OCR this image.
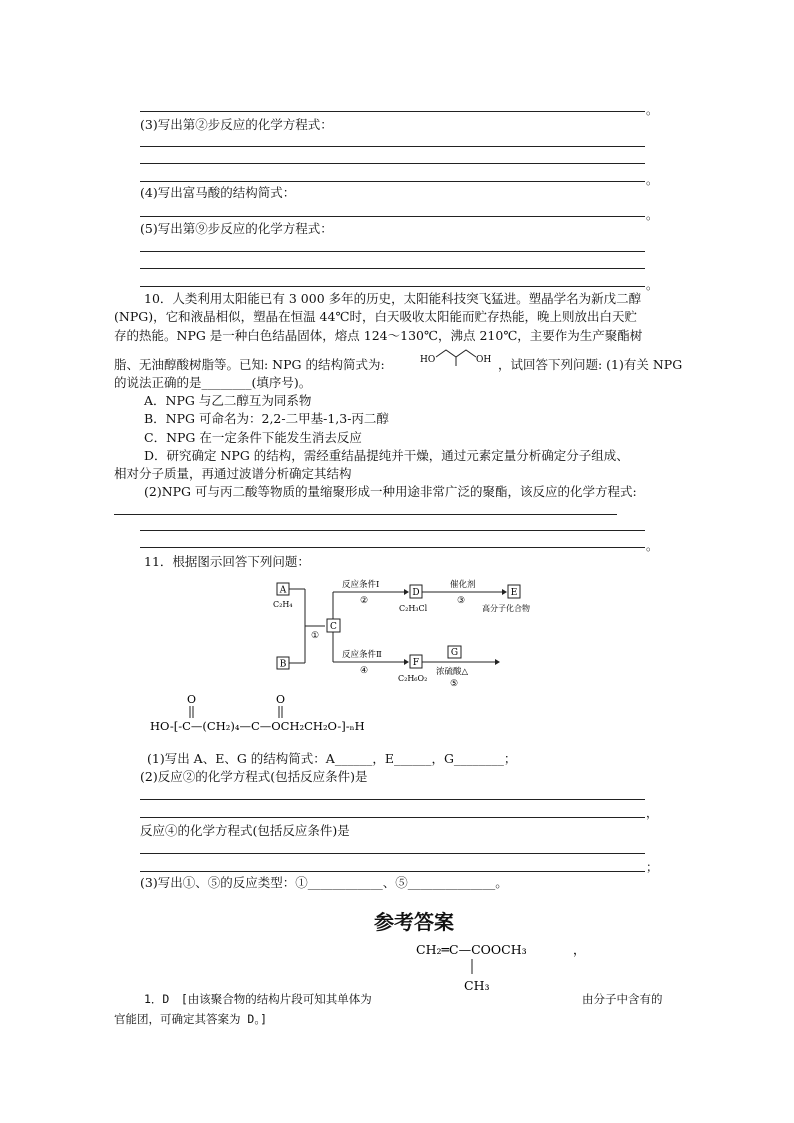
。
(3)写出第②步反应的化学方程式：
。
(4)写出富马酸的结构简式：
。
(5)写出第⑨步反应的化学方程式：
。
10．人类利用太阳能已有 3 000 多年的历史，太阳能科技突飞猛进。塑晶学名为新戊二醇
(NPG)，它和液晶相似，塑晶在恒温 44℃时，白天吸收太阳能而贮存热能，晚上则放出白天贮
存的热能。NPG 是一种白色结晶固体，熔点 124～130℃，沸点 210℃，主要作为生产聚酯树
脂、无油醇酸树脂等。已知: NPG 的结构简式为:	HO	OH ，试回答下列问题: (1)有关 NPG
的说法正确的是________(填序号)。
A．NPG 与乙二醇互为同系物
B．NPG 可命名为：2,2-二甲基-1,3-丙二醇
C．NPG 在一定条件下能发生消去反应
D．研究确定 NPG 的结构，需经重结晶提纯并干燥，通过元素定量分析确定分子组成、
相对分子质量，再通过波谱分析确定其结构
(2)NPG 可与丙二酸等物质的量缩聚形成一种用途非常广泛的聚酯，该反应的化学方程式:
。
11．根据图示回答下列问题：
A
C₂H₄
B
①
C
反应条件Ⅰ
②
D
C₂H₃Cl
催化剂
③
E
高分子化合物
反应条件Ⅱ
④
F
C₂H₆O₂
G
浓硫酸△
⑤
O	O
HO-[-C—(CH₂)₄—C—OCH₂CH₂O-]-ₙH
(1)写出 A、E、G 的结构简式：A______，E______，G________；
(2)反应②的化学方程式(包括反应条件)是
，
反应④的化学方程式(包括反应条件)是
；
(3)写出①、⑤的反应类型：①____________、⑤______________。
参考答案
CH₂═C—COOCH₃	，
CH₃
1．D　[由该聚合物的结构片段可知其单体为	由分子中含有的
官能团，可确定其答案为 D。]
